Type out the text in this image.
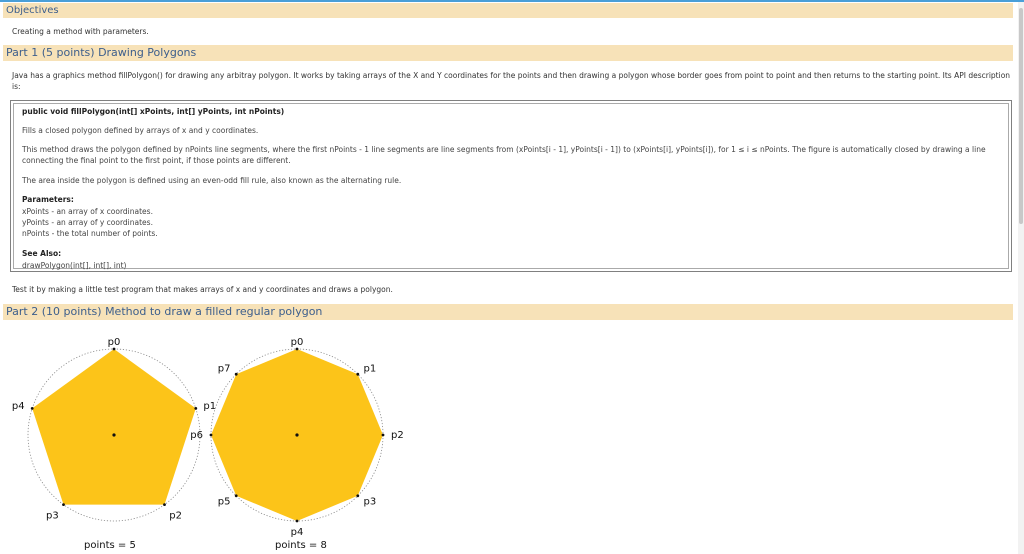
Objectives
Creating a method with parameters.
Part 1 (5 points) Drawing Polygons
Java has a graphics method fillPolygon() for drawing any arbitray polygon. It works by taking arrays of the X and Y coordinates for the points and then drawing a polygon whose border goes from point to point and then returns to the starting point. Its API description is:
public void fillPolygon(int[] xPoints, int[] yPoints, int nPoints)
Fills a closed polygon defined by arrays of x and y coordinates.
This method draws the polygon defined by nPoints line segments, where the first nPoints - 1 line segments are line segments from (xPoints[i - 1], yPoints[i - 1]) to (xPoints[i], yPoints[i]), for 1 ≤ i ≤ nPoints. The figure is automatically closed by drawing a line connecting the final point to the first point, if those points are different.
The area inside the polygon is defined using an even-odd fill rule, also known as the alternating rule.
Parameters:
xPoints - an array of x coordinates.
yPoints - an array of y coordinates.
nPoints - the total number of points.
See Also:
drawPolygon(int[], int[], int)
Test it by making a little test program that makes arrays of x and y coordinates and draws a polygon.
Part 2 (10 points) Method to draw a filled regular polygon
p0
p1
p2
p3
p4
points = 5
p0
p1
p2
p3
p4
p5
p6
p7
points = 8
